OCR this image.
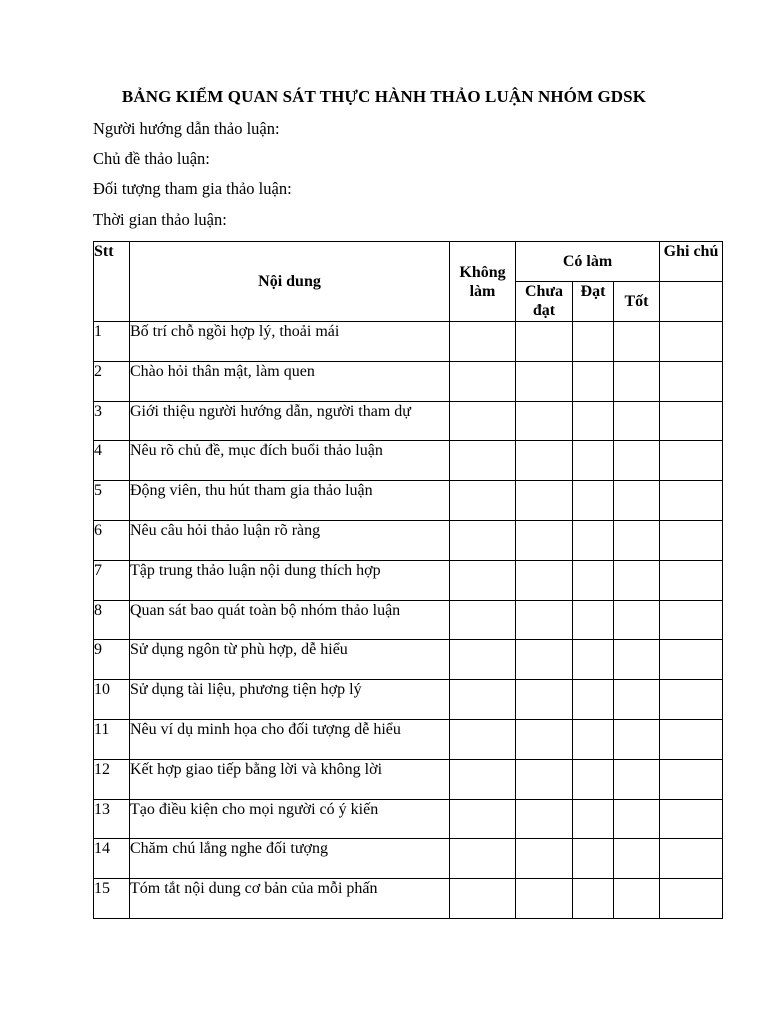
BẢNG KIỂM QUAN SÁT THỰC HÀNH THẢO LUẬN NHÓM GDSK
Người hướng dẫn thảo luận:
Chủ đề thảo luận:
Đối tượng tham gia thảo luận:
Thời gian thảo luận:
Stt	Nội dung	Không làm	Có làm			Ghi chú
			Chưa đạt	Đạt	Tốt	
1	Bố trí chỗ ngồi hợp lý, thoải mái					
2	Chào hỏi thân mật, làm quen					
3	Giới thiệu người hướng dẫn, người tham dự					
4	Nêu rõ chủ đề, mục đích buổi thảo luận					
5	Động viên, thu hút tham gia thảo luận					
6	Nêu câu hỏi thảo luận rõ ràng					
7	Tập trung thảo luận nội dung thích hợp					
8	Quan sát bao quát toàn bộ nhóm thảo luận					
9	Sử dụng ngôn từ phù hợp, dễ hiểu					
10	Sử dụng tài liệu, phương tiện hợp lý					
11	Nêu ví dụ minh họa cho đối tượng dễ hiểu					
12	Kết hợp giao tiếp bằng lời và không lời					
13	Tạo điều kiện cho mọi người có ý kiến					
14	Chăm chú lắng nghe đối tượng					
15	Tóm tắt nội dung cơ bản của mỗi phấn					
